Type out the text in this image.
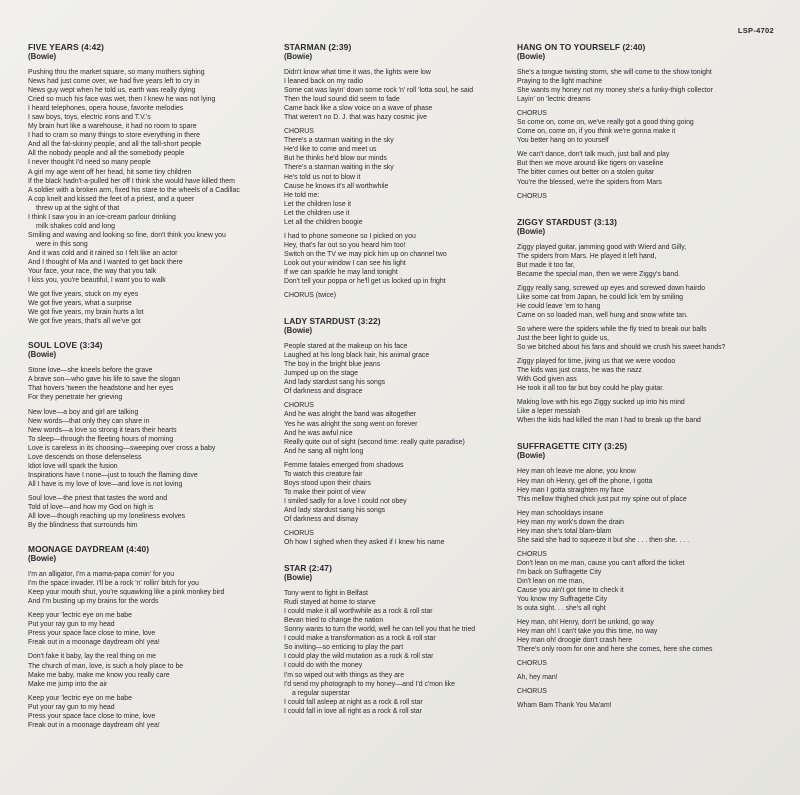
LSP-4702
FIVE YEARS (4:42)
(Bowie)
Pushing thru the market square, so many mothers sighing
News had just come over, we had five years left to cry in
News guy wept when he told us, earth was really dying
Cried so much his face was wet, then I knew he was not lying
I heard telephones, opera house, favorite melodies
I saw boys, toys, electric irons and T.V.'s
My brain hurt like a warehouse, it had no room to spare
I had to cram so many things to store everything in there
And all the fat-skinny people, and all the tall-short people
All the nobody people and all the somebody people
I never thought I'd need so many people
A girl my age went off her head, hit some tiny children
If the black hadn't-a-pulled her off I think she would have killed them
A soldier with a broken arm, fixed his stare to the wheels of a Cadillac
A cop knelt and kissed the feet of a priest, and a queer
threw up at the sight of that
I think I saw you in an ice-cream parlour drinking
milk shakes cold and long
Smiling and waving and looking so fine, don't think you knew you
were in this song
And it was cold and it rained so I felt like an actor
And I thought of Ma and I wanted to get back there
Your face, your race, the way that you talk
I kiss you, you're beautiful, I want you to walk
We got five years, stuck on my eyes
We got five years, what a surprise
We got five years, my brain hurts a lot
We got five years, that's all we've got
SOUL LOVE (3:34)
(Bowie)
Stone love—she kneels before the grave
A brave son—who gave his life to save the slogan
That hovers 'tween the headstone and her eyes
For they penetrate her grieving
New love—a boy and girl are talking
New words—that only they can share in
New words—a love so strong it tears their hearts
To sleep—through the fleeting hours of morning
Love is careless in its choosing—sweeping over cross a baby
Love descends on those defenseless
Idiot love will spark the fusion
Inspirations have I none—just to touch the flaming dove
All I have is my love of love—and love is not loving
Soul love—the priest that tastes the word and
Told of love—and how my God on high is
All love—though reaching up my loneliness evolves
By the blindness that surrounds him
MOONAGE DAYDREAM (4:40)
(Bowie)
I'm an alligator, I'm a mama-papa comin' for you
I'm the space invader, I'll be a rock 'n' rollin' bitch for you
Keep your mouth shut, you're squawking like a pink monkey bird
And I'm busting up my brains for the words
Keep your 'lectric eye on me babe
Put your ray gun to my head
Press your space face close to mine, love
Freak out in a moonage daydream oh! yea!
Don't fake it baby, lay the real thing on me
The church of man, love, is such a holy place to be
Make me baby, make me know you really care
Make me jump into the air
Keep your 'lectric eye on me babe
Put your ray gun to my head
Press your space face close to mine, love
Freak out in a moonage daydream oh! yea!
STARMAN (2:39)
(Bowie)
Didn't know what time it was, the lights were low
I leaned back on my radio
Some cat was layin' down some rock 'n' roll 'lotta soul, he said
Then the loud sound did seem to fade
Came back like a slow voice on a wave of phase
That weren't no D. J. that was hazy cosmic jive
CHORUS
There's a starman waiting in the sky
He'd like to come and meet us
But he thinks he'd blow our minds
There's a starman waiting in the sky
He's told us not to blow it
Cause he knows it's all worthwhile
He told me:
Let the children lose it
Let the children use it
Let all the children boogie
I had to phone someone so I picked on you
Hey, that's far out so you heard him too!
Switch on the TV we may pick him up on channel two
Look out your window I can see his light
If we can sparkle he may land tonight
Don't tell your poppa or he'll get us locked up in fright
CHORUS (twice)
LADY STARDUST (3:22)
(Bowie)
People stared at the makeup on his face
Laughed at his long black hair, his animal grace
The boy in the bright blue jeans
Jumped up on the stage
And lady stardust sang his songs
Of darkness and disgrace
CHORUS
And he was alright the band was altogether
Yes he was alright the song went on forever
And he was awful nice
Really quite out of sight (second time: really quite paradise)
And he sang all night long
Femme fatales emerged from shadows
To watch this creature fair
Boys stood upon their chairs
To make their point of view
I smiled sadly for a love I could not obey
And lady stardust sang his songs
Of darkness and dismay
CHORUS
Oh how I sighed when they asked if I knew his name
STAR (2:47)
(Bowie)
Tony went to fight in Belfast
Rudi stayed at home to starve
I could make it all worthwhile as a rock & roll star
Bevan tried to change the nation
Sonny wants to turn the world, well he can tell you that he tried
I could make a transformation as a rock & roll star
So inviting—so enticing to play the part
I could play the wild mutation as a rock & roll star
I could do with the money
I'm so wiped out with things as they are
I'd send my photograph to my honey—and I'd c'mon like
a regular superstar
I could fall asleep at night as a rock & roll star
I could fall in love all right as a rock & roll star
HANG ON TO YOURSELF (2:40)
(Bowie)
She's a tongue twisting storm, she will come to the show tonight
Praying to the light machine
She wants my honey not my money she's a funky-thigh collector
Layin' on 'lectric dreams
CHORUS
So come on, come on, we've really got a good thing going
Come on, come on, if you think we're gonna make it
You better hang on to yourself
We can't dance, don't talk much, just ball and play
But then we move around like tigers on vaseline
The bitter comes out better on a stolen guitar
You're the blessed, we're the spiders from Mars
CHORUS
ZIGGY STARDUST (3:13)
(Bowie)
Ziggy played guitar, jamming good with Wierd and Gilly,
The spiders from Mars. He played it left hand,
But made it too far,
Became the special man, then we were Ziggy's band.
Ziggy really sang, screwed up eyes and screwed down hairdo
Like some cat from Japan, he could lick 'em by smiling
He could leave 'em to hang
Came on so loaded man, well hung and snow white tan.
So where were the spiders while the fly tried to break our balls
Just the beer light to guide us,
So we bitched about his fans and should we crush his sweet hands?
Ziggy played for time, jiving us that we were voodoo
The kids was just crass, he was the nazz
With God given ass
He took it all too far but boy could he play guitar.
Making love with his ego Ziggy sucked up into his mind
Like a leper messiah
When the kids had killed the man I had to break up the band
SUFFRAGETTE CITY (3:25)
(Bowie)
Hey man oh leave me alone, you know
Hey man oh Henry, get off the phone, I gotta
Hey man I gotta straighten my face
This mellow thighed chick just put my spine out of place
Hey man schooldays insane
Hey man my work's down the drain
Hey man she's total blam-blam
She said she had to squeeze it but she . . . then she. . . .
CHORUS
Don't lean on me man, cause you can't afford the ticket
I'm back on Suffragette City
Dın't lean on me man,
Cause you ain't got time to check it
You know my Suffragette City
Is outa sight. . . she's all right
Hey man, oh! Henry, don't be unkind, go way
Hey man oh! I can't take you this time, no way
Hey man oh! droogie don't crash here
There's only room for one and here she comes, here she comes
CHORUS
Ah, hey man!
CHORUS
Wham Bam Thank You Ma'am!
